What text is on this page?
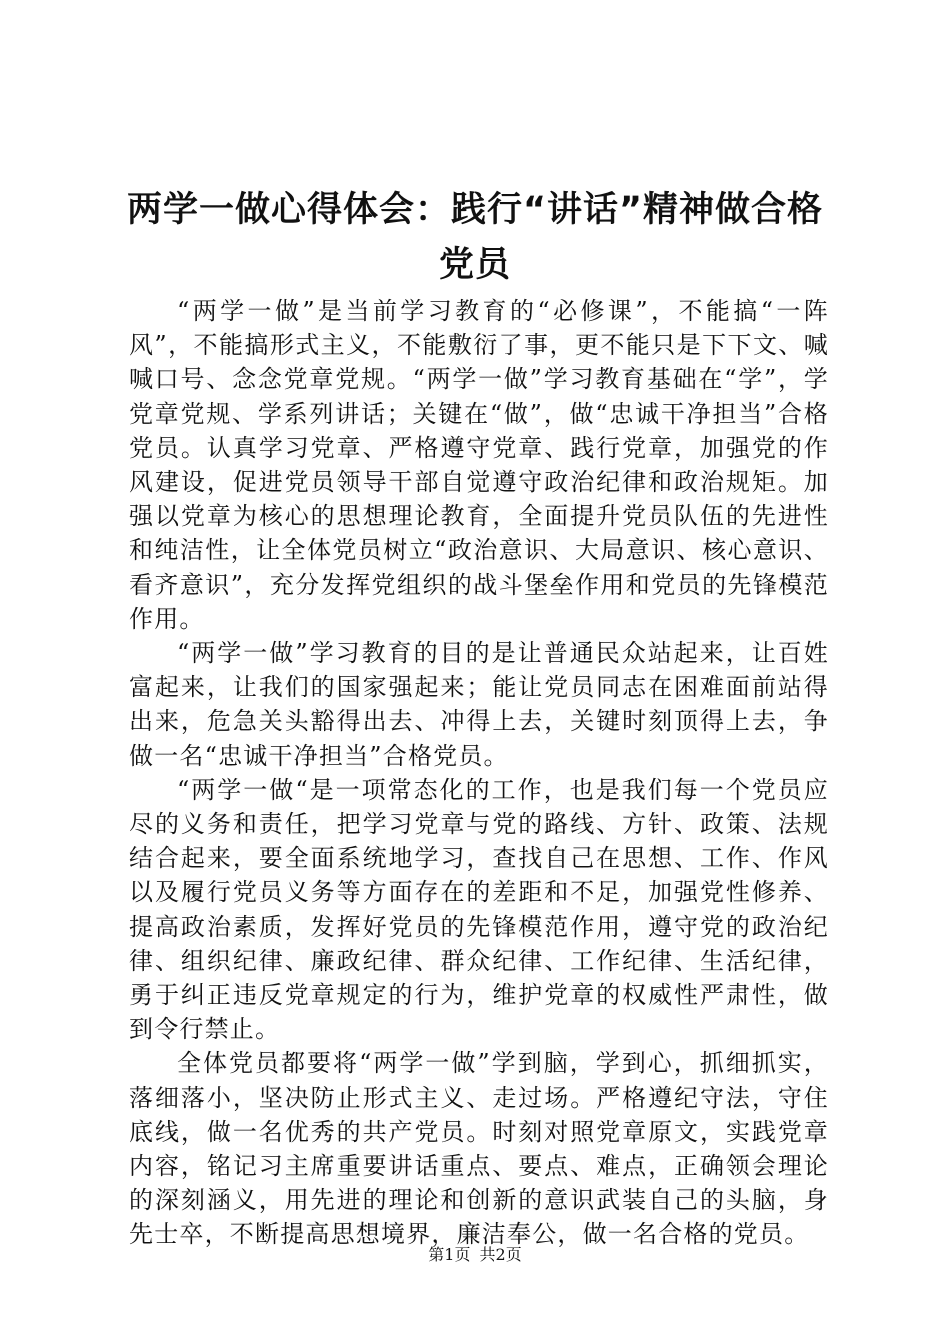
两学一做心得体会：践行“讲话”精神做合格
党员

“两学一做”是当前学习教育的“必修课”，不能搞“一阵风”，不能搞形式主义，不能敷衍了事，更不能只是下下文、喊喊口号、念念党章党规。“两学一做”学习教育基础在“学”，学党章党规、学系列讲话；关键在“做”，做“忠诚干净担当”合格党员。认真学习党章、严格遵守党章、践行党章，加强党的作风建设，促进党员领导干部自觉遵守政治纪律和政治规矩。加强以党章为核心的思想理论教育，全面提升党员队伍的先进性和纯洁性，让全体党员树立“政治意识、大局意识、核心意识、看齐意识”，充分发挥党组织的战斗堡垒作用和党员的先锋模范作用。

“两学一做”学习教育的目的是让普通民众站起来，让百姓富起来，让我们的国家强起来；能让党员同志在困难面前站得出来，危急关头豁得出去、冲得上去，关键时刻顶得上去，争做一名“忠诚干净担当”合格党员。

“两学一做“是一项常态化的工作，也是我们每一个党员应尽的义务和责任，把学习党章与党的路线、方针、政策、法规结合起来，要全面系统地学习，查找自己在思想、工作、作风以及履行党员义务等方面存在的差距和不足，加强党性修养、提高政治素质，发挥好党员的先锋模范作用，遵守党的政治纪律、组织纪律、廉政纪律、群众纪律、工作纪律、生活纪律，勇于纠正违反党章规定的行为，维护党章的权威性严肃性，做到令行禁止。

全体党员都要将“两学一做”学到脑，学到心，抓细抓实，落细落小，坚决防止形式主义、走过场。严格遵纪守法，守住底线，做一名优秀的共产党员。时刻对照党章原文，实践党章内容，铭记习主席重要讲话重点、要点、难点，正确领会理论的深刻涵义，用先进的理论和创新的意识武装自己的头脑，身先士卒，不断提高思想境界，廉洁奉公，做一名合格的党员。

第1页 共2页
